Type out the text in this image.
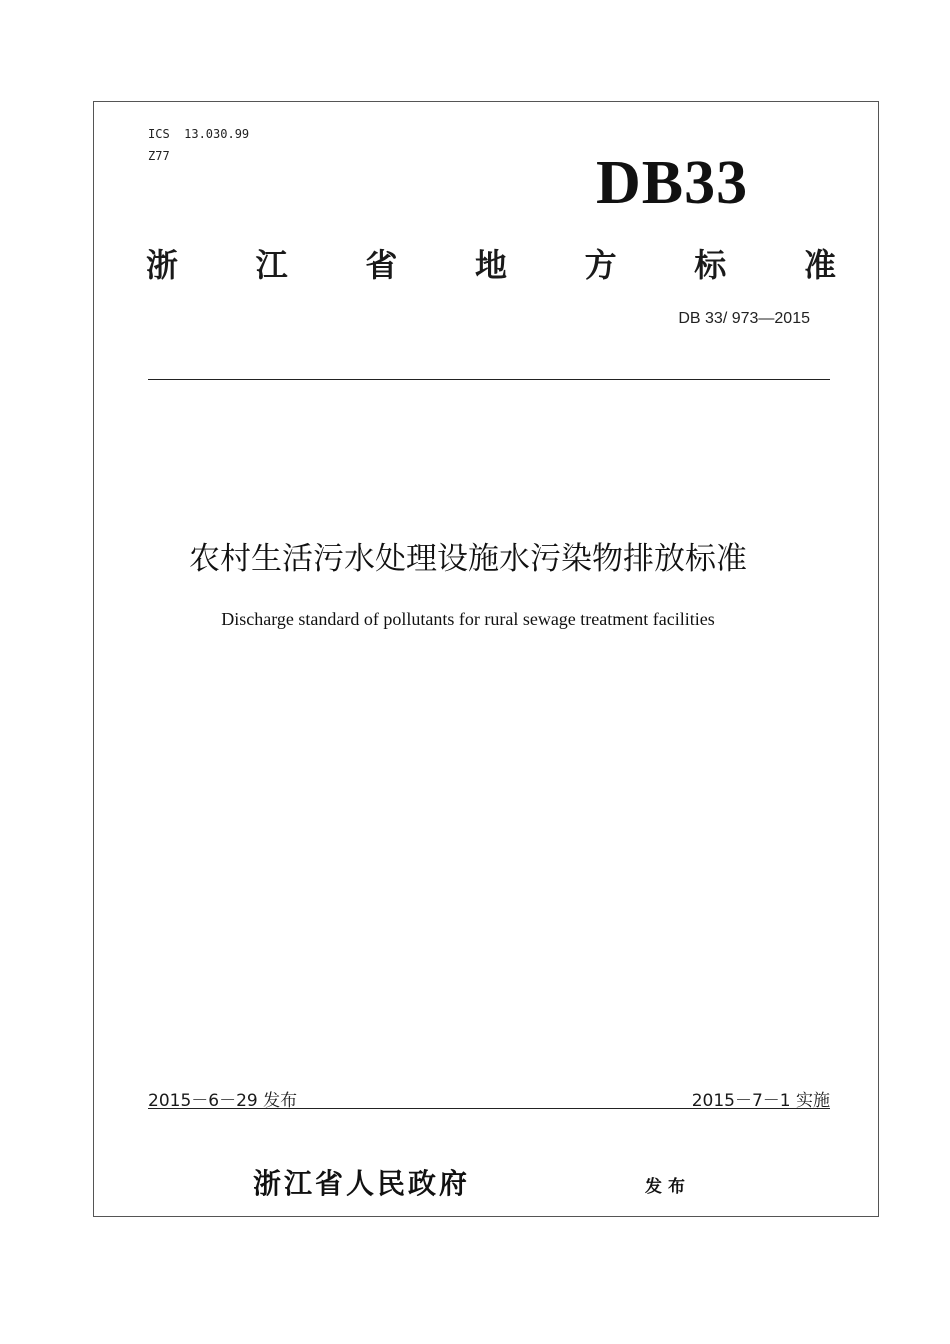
ICS  13.030.99
Z77	DB33
浙 江 省 地 方 标 准
DB 33/ 973—2015
农村生活污水处理设施水污染物排放标准
Discharge standard of pollutants for rural sewage treatment facilities
2015－6－29 发布	2015－7－1 实施
浙江省人民政府	发布
